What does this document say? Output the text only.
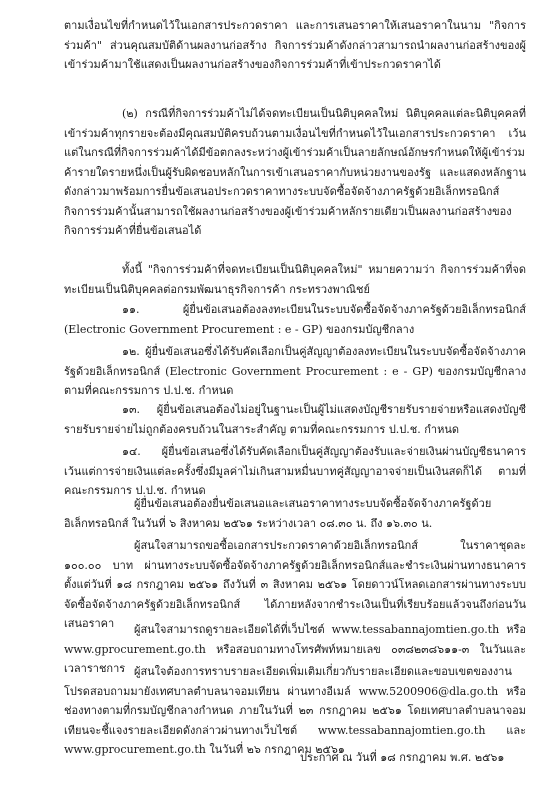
ตามเงื่อนไขที่กำหนดไว้ในเอกสารประกวดราคา และการเสนอราคาให้เสนอราคาในนาม "กิจการร่วมค้า" ส่วนคุณสมบัติด้านผลงานก่อสร้าง กิจการร่วมค้าดังกล่าวสามารถนำผลงานก่อสร้างของผู้เข้าร่วมค้ามาใช้แสดงเป็นผลงานก่อสร้างของกิจการร่วมค้าที่เข้าประกวดราคาได้

(๒) กรณีที่กิจการร่วมค้าไม่ได้จดทะเบียนเป็นนิติบุคคลใหม่ นิติบุคคลแต่ละนิติบุคคลที่เข้าร่วมค้าทุกรายจะต้องมีคุณสมบัติครบถ้วนตามเงื่อนไขที่กำหนดไว้ในเอกสารประกวดราคา เว้นแต่ในกรณีที่กิจการร่วมค้าได้มีข้อตกลงระหว่างผู้เข้าร่วมค้าเป็นลายลักษณ์อักษรกำหนดให้ผู้เข้าร่วมค้ารายใดรายหนึ่งเป็นผู้รับผิดชอบหลักในการเข้าเสนอราคากับหน่วยงานของรัฐ และแสดงหลักฐานดังกล่าวมาพร้อมการยื่นข้อเสนอประกวดราคาทางระบบจัดซื้อจัดจ้างภาครัฐด้วยอิเล็กทรอนิกส์ กิจการร่วมค้านั้นสามารถใช้ผลงานก่อสร้างของผู้เข้าร่วมค้าหลักรายเดียวเป็นผลงานก่อสร้างของกิจการร่วมค้าที่ยื่นข้อเสนอได้

ทั้งนี้ "กิจการร่วมค้าที่จดทะเบียนเป็นนิติบุคคลใหม่" หมายความว่า กิจการร่วมค้าที่จดทะเบียนเป็นนิติบุคคลต่อกรมพัฒนาธุรกิจการค้า กระทรวงพาณิชย์

๑๑. ผู้ยื่นข้อเสนอต้องลงทะเบียนในระบบจัดซื้อจัดจ้างภาครัฐด้วยอิเล็กทรอนิกส์ (Electronic Government Procurement : e - GP) ของกรมบัญชีกลาง

๑๒. ผู้ยื่นข้อเสนอซึ่งได้รับคัดเลือกเป็นคู่สัญญาต้องลงทะเบียนในระบบจัดซื้อจัดจ้างภาครัฐด้วยอิเล็กทรอนิกส์ (Electronic Government Procurement : e - GP) ของกรมบัญชีกลาง ตามที่คณะกรรมการ ป.ป.ช. กำหนด

๑๓. ผู้ยื่นข้อเสนอต้องไม่อยู่ในฐานะเป็นผู้ไม่แสดงบัญชีรายรับรายจ่ายหรือแสดงบัญชีรายรับรายจ่ายไม่ถูกต้องครบถ้วนในสาระสำคัญ ตามที่คณะกรรมการ ป.ป.ช. กำหนด

๑๔. ผู้ยื่นข้อเสนอซึ่งได้รับคัดเลือกเป็นคู่สัญญาต้องรับและจ่ายเงินผ่านบัญชีธนาคาร เว้นแต่การจ่ายเงินแต่ละครั้งซึ่งมีมูลค่าไม่เกินสามหมื่นบาทคู่สัญญาอาจจ่ายเป็นเงินสดก็ได้ ตามที่คณะกรรมการ ป.ป.ช. กำหนด

ผู้ยื่นข้อเสนอต้องยื่นข้อเสนอและเสนอราคาทางระบบจัดซื้อจัดจ้างภาครัฐด้วยอิเล็กทรอนิกส์ ในวันที่ ๖ สิงหาคม ๒๕๖๑ ระหว่างเวลา ๐๘.๓๐ น. ถึง ๑๖.๓๐ น.

ผู้สนใจสามารถขอซื้อเอกสารประกวดราคาด้วยอิเล็กทรอนิกส์ ในราคาชุดละ ๑๐๐.๐๐ บาท ผ่านทางระบบจัดซื้อจัดจ้างภาครัฐด้วยอิเล็กทรอนิกส์และชำระเงินผ่านทางธนาคาร ตั้งแต่วันที่ ๑๘ กรกฎาคม ๒๕๖๑ ถึงวันที่ ๓ สิงหาคม ๒๕๖๑ โดยดาวน์โหลดเอกสารผ่านทางระบบจัดซื้อจัดจ้างภาครัฐด้วยอิเล็กทรอนิกส์ ได้ภายหลังจากชำระเงินเป็นที่เรียบร้อยแล้วจนถึงก่อนวันเสนอราคา	ผู้สนใจสามารถดูรายละเอียดได้ที่เว็บไซต์ www.tessabannajomtien.go.th หรือ www.gprocurement.go.th หรือสอบถามทางโทรศัพท์หมายเลข ๐๓๘๒๓๘๖๑๑-๓ ในวันและเวลาราชการ ผู้สนใจต้องการทราบรายละเอียดเพิ่มเติมเกี่ยวกับรายละเอียดและขอบเขตของงาน โปรดสอบถามมายังเทศบาลตำบลนาจอมเทียน ผ่านทางอีเมล์ www.5200906@dla.go.th หรือช่องทางตามที่กรมบัญชีกลางกำหนด ภายในวันที่ ๒๓ กรกฎาคม ๒๕๖๑ โดยเทศบาลตำบลนาจอมเทียนจะชี้แจงรายละเอียดดังกล่าวผ่านทางเว็บไซต์ www.tessabannajomtien.go.th และ www.gprocurement.go.th ในวันที่ ๒๖ กรกฎาคม ๒๕๖๑

ประกาศ ณ วันที่ ๑๘ กรกฎาคม พ.ศ. ๒๕๖๑
